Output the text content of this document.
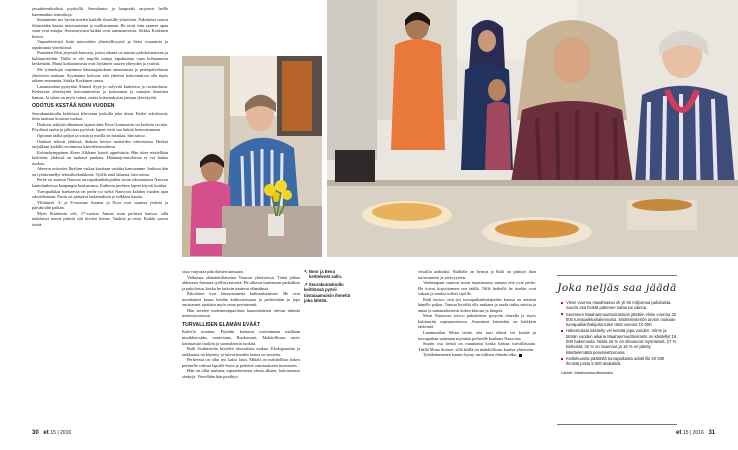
javaahteenkodista joyskyllä. Seurakunta ja kaupunki tarjoavat heille kummankin toimitiloja.

Suttaminen tuo hyvän mielen kaikille ihmisille yhteisöön. Pakolaiset saavat tilaisuuden kaasta tietoisuutensa ja osallistumaan. He eivät vain saaneet apua vaan ovat antajia. Avustustyössä kaikki ovat samanarvoisia, Sirkka Koskinen kertoo.

Vapaaehtoistyö lisää naisvoiden yhteisöllisyyttä ja lisäsi osaamista ja tapahtumia yhteisöissä.

Punainen Risti järjestää kursseja, joissa aikana on tutustu pakolaisnaiseen ja kulttuuriseihin. Niille ei ole tarjolla tuttuja tapahtumia vaan kohtaamisia keskenään. Mutta kohtaamisista ovat löytäneet suuren yhteyden ja ystäviä.

Me työntekijät vaatimme hätämajoituksen antamisesta ja perhepalveluista yhteisöön mukaan. Syytämme kokoon, että yhteisöt kokoontuivat olla myös arkeen enemmän, Sirkka Koskinen sanoo.

Lammasahaa pystyttää Ahmed ilyyä jo solyvitä kurkeissa ja ravintolassa. Kiehtavaa yhteistyötä kotoutumisesta ja kotimaasta ja samojen ihmisten kanssa. Ja sitten on myös tuttua, mutta kokemuksista jaetaan yhteistyötä.

ODOTUS KESTÄÄ NOIN VUODEN

Seurakuntakodin keittiössä lehvotaan joukolla joka tiistai. Kielet sekoittuvat, ilma tuoksuu kotoista ruokaa.

Diakoni, näkijän alkaineen lapsen ääni Eeva Grammerin on keittiön syvään. Pöydässä taulut ja jalkoissa pyörivät lapset eivät saa häiritä hermostumaan.

Opimme täältä paljon ja toisin ja meillä on hauskaa, hän sanoo.

Oonkset tekivät yhdessä, diakoni kertoo tuotteiden valmistusta. Herkut tarjoillaan kaikille avoimessa kahvitilaisuudessa.

Kolmekymppinen Abeer Alkleme kaavii appelsiinia. Hän tulee mielellään keittiöön, yhdessä on mukava puuhata. Hätämajoitusoloissa ei voi laittaa ruokaa.

Abeerin aviomies Ibrahim vaikaa kuvitaan vauhtia kanssamme. Irakissa hän on työskennellyt tekstiiliteknikkona. Työllä mitä lahansa, hän toteaa.

Perhe on asuinut Nauvon turvapaikanhakijoiden tavan odottamassa Nauvon kantolankoissa kaupungin keskustassa. Kaikesta perheen lapset käyvät koulua.

Turvapaikkaa haettaessa on perhe toi sieltä Nauvoon kahden vuoden ajan odottelemaan. Ensin on päästävä hakemuksen ja tulkkien kautta.

Ylittäneet. 3- ja 8-vuotiaat Ammar ja Noor ovat saaneet ystäviä ja päiväkodin paikan.

Myös Ibrahimin veli, 17-vuotias Anmar asuu perheen kanssa, sillä tutkilaiset tuovat pitävät sitä tiiviisti kotina. Vauhtia ja vettä. Kaikki saavat tietää.

↖ Noor ja Eeva
keittelevät salin.
↗ Seurakuntakodin keittiössä pyörii tiistaiaamuisin ihmeitä joka lähtöä.

sista varjostaa pakolaisten tuntuaan.

Valkeasta elämänkiltaiseina Nauvon yhteisöissä. Tämä johtaa ahkerasta ihanasta työllistymisestä. He alkavat tuntemaan paikallisia ja pakolaisia, koska he tarkoin tuntevat elämäänsä.

Pakolaiset ovat kiinnostuneita kulttuuristamme. He ovat muuttaneet kauas heidän kulttuureistaan ja perheistään ja jopa omistaneet ajoittain myös omat perinteensä.

Hän arvelee molemminpuolisen kunnioituksen olevan tärkeää menestymisessä.

TURVALLISEN ELÄMÄN EVÄÄT

Kahvila avautuu. Pöytään kantavat osoittamaan malliaan nimikkeissään, tuotteitaan. Ruokavarat. Mahdollisuus myös kotimaisiin ruokiin ja suomalaisiin ruokiin.

Raili Svahnström kiittelee ekosottista makua. Ekologisuutta ja tarkkuutta on käytetty ja tulevaisuuden laatua on nostettu.

Perheessä on ollut nyt kaksi lasta. Mikäli on mahdollista hakea perheelle vahvaa lapsille-kotia ja perhettä omistaakseen tuomiseen.

Hän on ollut mukana vapaaehtoisena alusta alkaen, kokoamassa sänkyjä. Vierellään hän pysähtyi.

vitsailla arabiaksi. Raillalle on hymyä ja Raili on päässyt ihan tuttavuuteen ja ystävyyteen.

Vanhempani sanovat usein muutamasta sanasta että ovat perhe. He toivat kirjoittaneen sen täällä; Tällä hetkellä he itsekin ovat vakaat ja tutuksi tulleet sijoille.

Raili kertoo, että työ turvapaikanhakijoiden kanssa on antanut hänelle paljon. Tuntuu hyvältä olla mukana ja saada tutkia asioita ja antaa ja samanaikaisesti kokea kiitosta ja lämpöä.

Moni Nauvossa toivoo pakolaisten pysyvän alueella ja myös kulttuuriin sopeutumisessa. Asuminen kuitenkin on kaikkein tärkeintä.

Lammastilan Mona tietää, että uusi elämä voi kestää ja turvapaikan saatetaan myöntää perheelle kaukana Nauvosta.

Suurin osa heistä on muuttanut koska haluaa turvallisuutta. Täällä Mona iloitsee, sillä heillä on mahdollisuus kuulua yhteisöön.

Tyttökämmenen kaunis hymy, turvallisen elämän alku.

Joka neljäs saa jäädä
Viime vuonna maailmassa oli yli 65 miljoonaa pakolaista. Suurin osa heistä pakenee sotaa tai vainoa.
Suomeen Maahanmuuttovirastoon jätettiin viime vuonna 32 500 turvapaikkahakemusta. Sisäministeriön arvion mukaan turvapaikanhakijoita tulee tänä vuonna 10 000.
Hakemuksia käsitelty vei kestää jopa vuoden. Viime ja tämän vuoden aikana Maahanmuuttovirasto on käsitellyt 18 000 hakemusta. Niistä 25 % on sitoutunut myönteisiä, 27 % kielteisiä, 32 % on rauennut ja 16 % on jätetty käsittelemättä perusteettomana.
Keskikuussa päätöstä turvapaikasta odotti liki 20 000 ihmistä joista 5 500 alaikäisiä.
Lähde: Maahanmuuttovirasto
30 et 15 | 2016	et 15 | 2016 31
